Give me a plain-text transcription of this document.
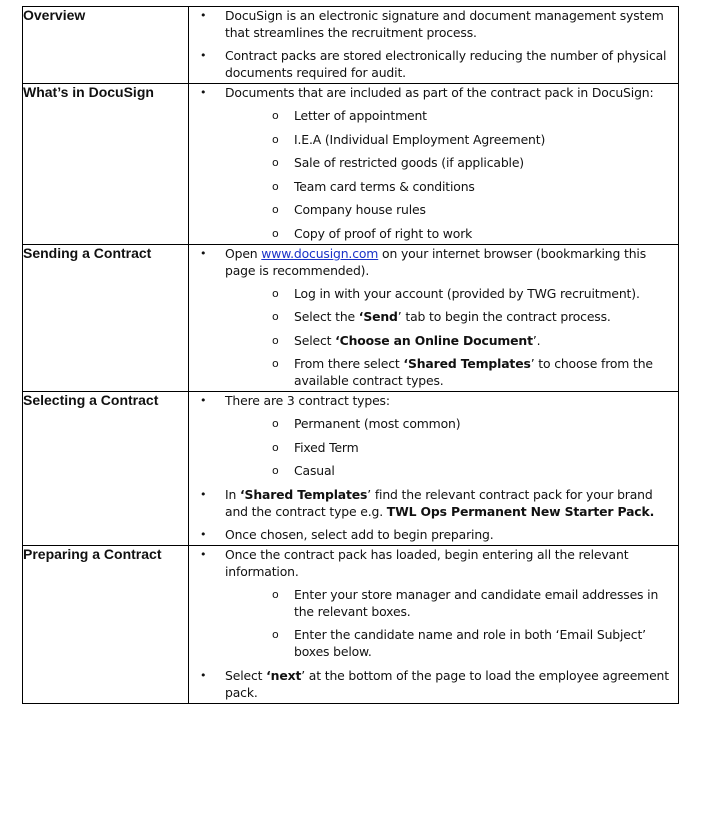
Overview	• DocuSign is an electronic signature and document management system that streamlines the recruitment process.
• Contract packs are stored electronically reducing the number of physical documents required for audit.

What’s in DocuSign	• Documents that are included as part of the contract pack in DocuSign:
o Letter of appointment
o I.E.A (Individual Employment Agreement)
o Sale of restricted goods (if applicable)
o Team card terms & conditions
o Company house rules
o Copy of proof of right to work

Sending a Contract	• Open www.docusign.com on your internet browser (bookmarking this page is recommended).
o Log in with your account (provided by TWG recruitment).
o Select the ‘Send’ tab to begin the contract process.
o Select ‘Choose an Online Document’.
o From there select ‘Shared Templates’ to choose from the available contract types.

Selecting a Contract	• There are 3 contract types:
o Permanent (most common)
o Fixed Term
o Casual
• In ‘Shared Templates’ find the relevant contract pack for your brand and the contract type e.g. TWL Ops Permanent New Starter Pack.
• Once chosen, select add to begin preparing.

Preparing a Contract	• Once the contract pack has loaded, begin entering all the relevant information.
o Enter your store manager and candidate email addresses in the relevant boxes.
o Enter the candidate name and role in both ‘Email Subject’ boxes below.
• Select ‘next’ at the bottom of the page to load the employee agreement pack.
